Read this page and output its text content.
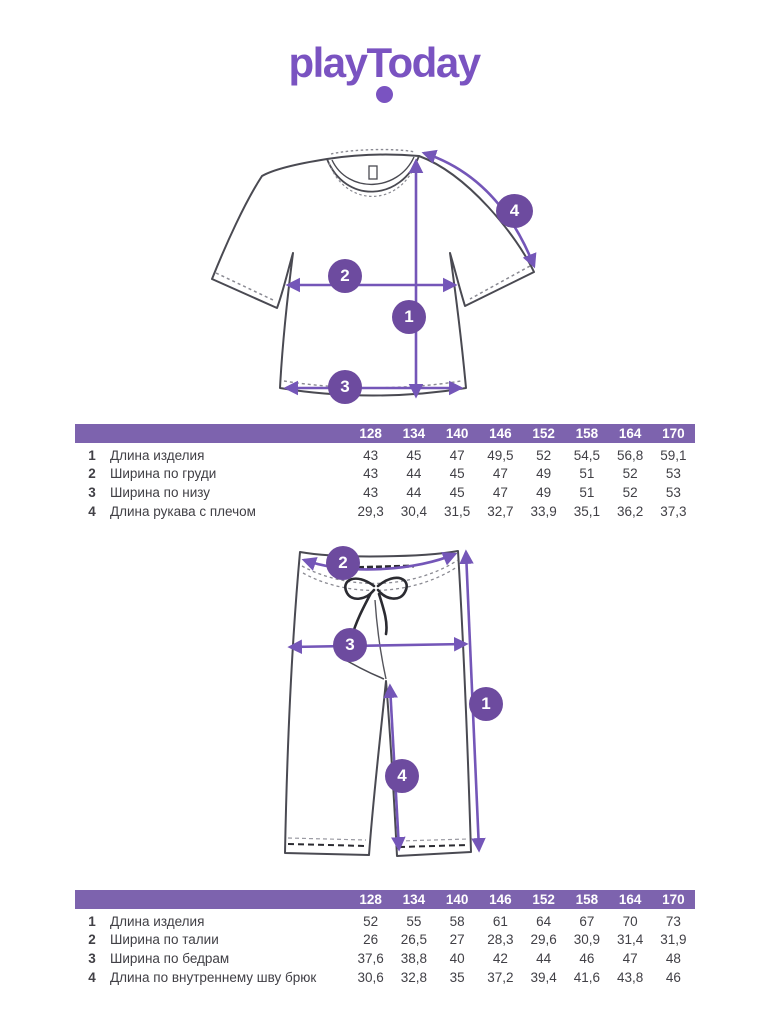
playToday
1
2
3
4
128	134	140	146	152	158	164	170
1	Длина изделия	43	45	47	49,5	52	54,5	56,8	59,1
2	Ширина по груди	43	44	45	47	49	51	52	53
3	Ширина по низу	43	44	45	47	49	51	52	53
4	Длина рукава с плечом	29,3	30,4	31,5	32,7	33,9	35,1	36,2	37,3
2
3
1
4
128	134	140	146	152	158	164	170
1	Длина изделия	52	55	58	61	64	67	70	73
2	Ширина по талии	26	26,5	27	28,3	29,6	30,9	31,4	31,9
3	Ширина по бедрам	37,6	38,8	40	42	44	46	47	48
4	Длина по внутреннему шву брюк	30,6	32,8	35	37,2	39,4	41,6	43,8	46
